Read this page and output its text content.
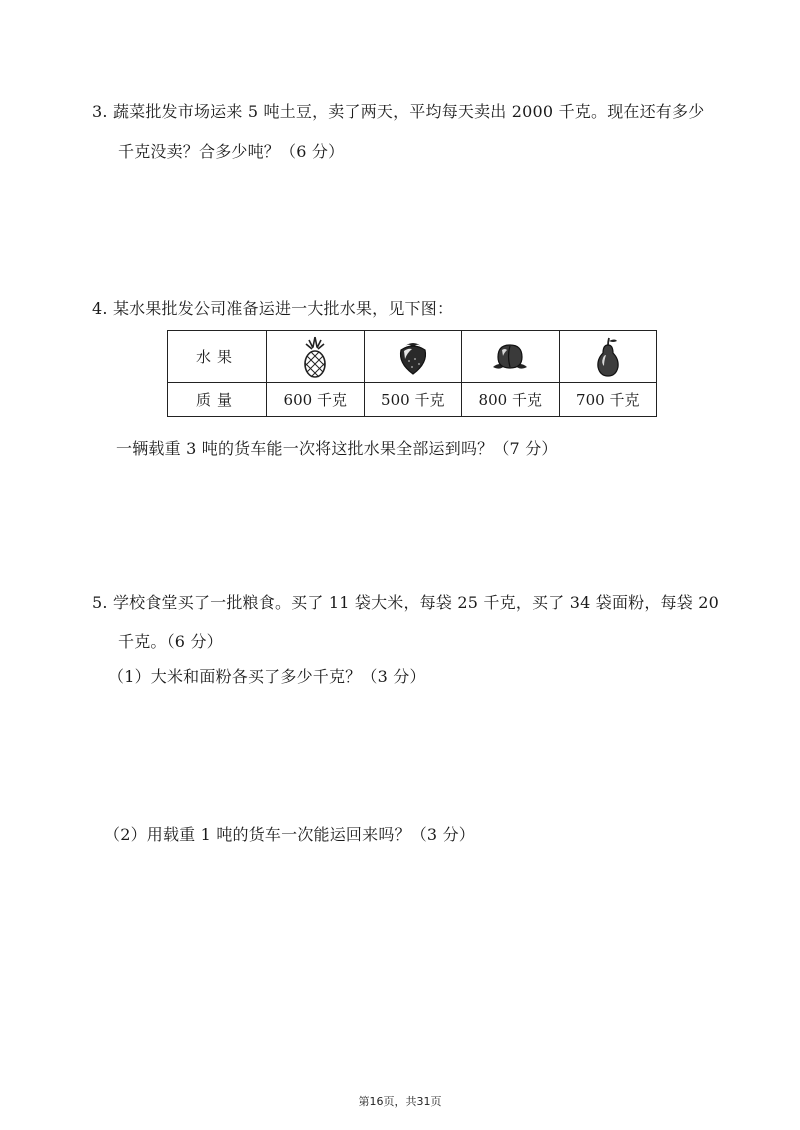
3. 蔬菜批发市场运来 5 吨土豆，卖了两天，平均每天卖出 2000 千克。现在还有多少
千克没卖？合多少吨？（6 分）
4. 某水果批发公司准备运进一大批水果，见下图：
水果	

质量	600 千克	500 千克	800 千克	700 千克
一辆载重 3 吨的货车能一次将这批水果全部运到吗？（7 分）
5. 学校食堂买了一批粮食。买了 11 袋大米，每袋 25 千克，买了 34 袋面粉，每袋 20
千克。（6 分）
（1）大米和面粉各买了多少千克？（3 分）
（2）用载重 1 吨的货车一次能运回来吗？（3 分）
第16页，共31页
